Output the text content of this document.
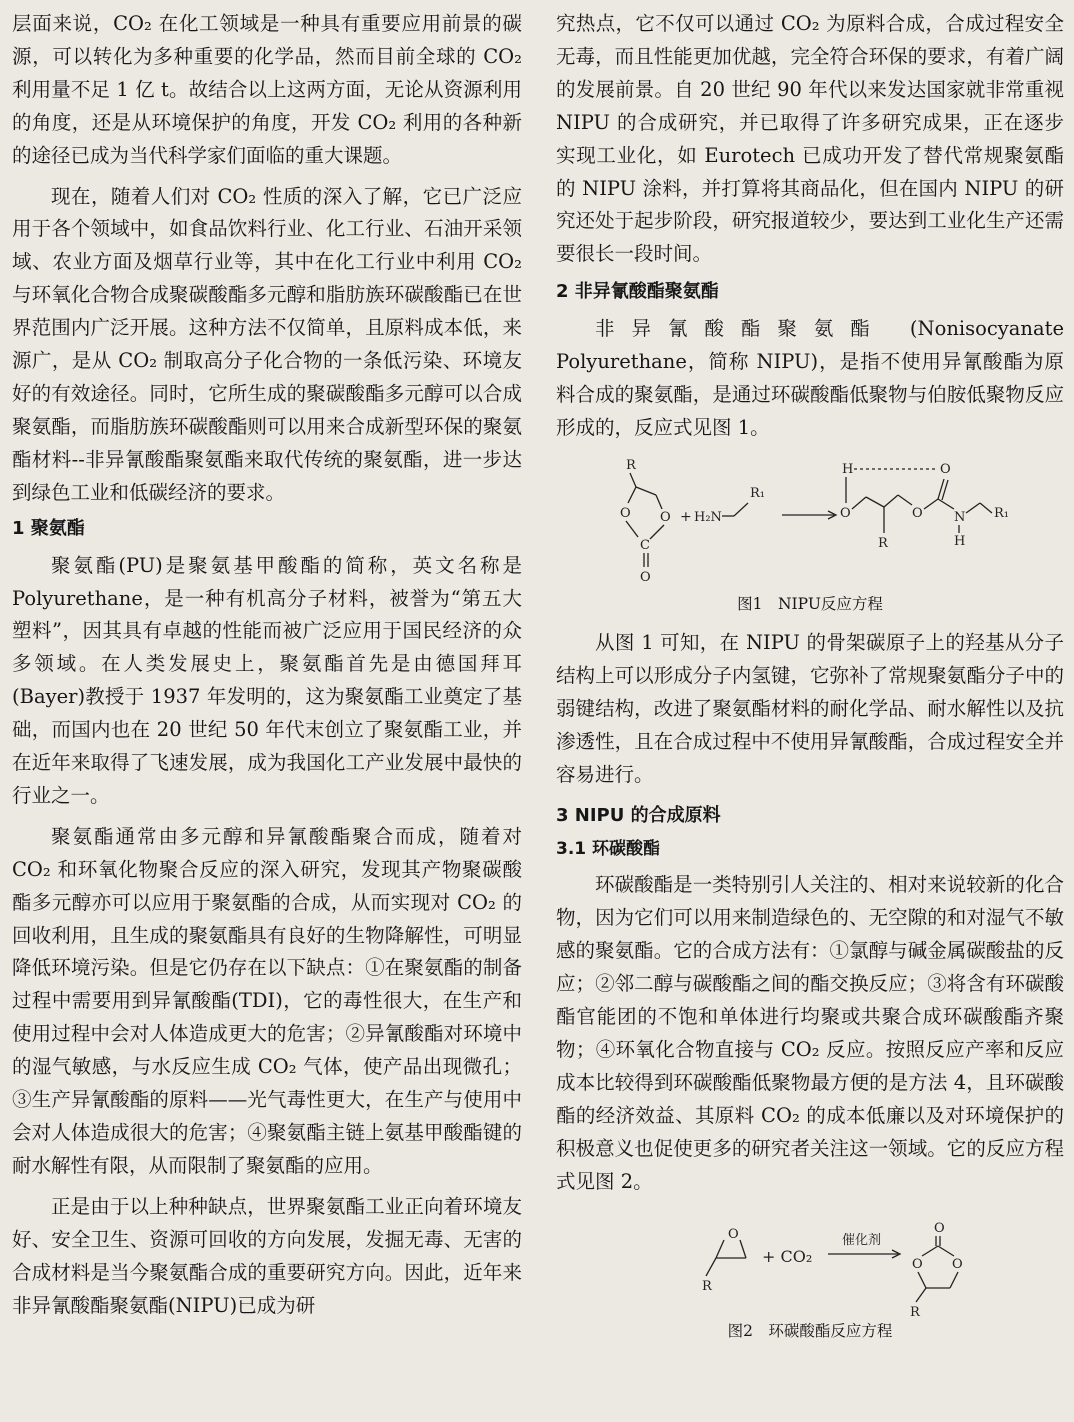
层面来说，CO₂ 在化工领域是一种具有重要应用前景的碳源，可以转化为多种重要的化学品，然而目前全球的 CO₂ 利用量不足 1 亿 t。故结合以上这两方面，无论从资源利用的角度，还是从环境保护的角度，开发 CO₂ 利用的各种新的途径已成为当代科学家们面临的重大课题。

现在，随着人们对 CO₂ 性质的深入了解，它已广泛应用于各个领域中，如食品饮料行业、化工行业、石油开采领域、农业方面及烟草行业等，其中在化工行业中利用 CO₂ 与环氧化合物合成聚碳酸酯多元醇和脂肪族环碳酸酯已在世界范围内广泛开展。这种方法不仅简单，且原料成本低，来源广，是从 CO₂ 制取高分子化合物的一条低污染、环境友好的有效途径。同时，它所生成的聚碳酸酯多元醇可以合成聚氨酯，而脂肪族环碳酸酯则可以用来合成新型环保的聚氨酯材料--非异氰酸酯聚氨酯来取代传统的聚氨酯，进一步达到绿色工业和低碳经济的要求。

1 聚氨酯

聚氨酯(PU)是聚氨基甲酸酯的简称，英文名称是 Polyurethane，是一种有机高分子材料，被誉为“第五大塑料”，因其具有卓越的性能而被广泛应用于国民经济的众多领域。在人类发展史上，聚氨酯首先是由德国拜耳(Bayer)教授于 1937 年发明的，这为聚氨酯工业奠定了基础，而国内也在 20 世纪 50 年代末创立了聚氨酯工业，并在近年来取得了飞速发展，成为我国化工产业发展中最快的行业之一。

聚氨酯通常由多元醇和异氰酸酯聚合而成，随着对 CO₂ 和环氧化物聚合反应的深入研究，发现其产物聚碳酸酯多元醇亦可以应用于聚氨酯的合成，从而实现对 CO₂ 的回收利用，且生成的聚氨酯具有良好的生物降解性，可明显降低环境污染。但是它仍存在以下缺点：①在聚氨酯的制备过程中需要用到异氰酸酯(TDI)，它的毒性很大，在生产和使用过程中会对人体造成更大的危害；②异氰酸酯对环境中的湿气敏感，与水反应生成 CO₂ 气体，使产品出现微孔；③生产异氰酸酯的原料——光气毒性更大，在生产与使用中会对人体造成很大的危害；④聚氨酯主链上氨基甲酸酯键的耐水解性有限，从而限制了聚氨酯的应用。

正是由于以上种种缺点，世界聚氨酯工业正向着环境友好、安全卫生、资源可回收的方向发展，发掘无毒、无害的合成材料是当今聚氨酯合成的重要研究方向。因此，近年来非异氰酸酯聚氨酯(NIPU)已成为研

究热点，它不仅可以通过 CO₂ 为原料合成，合成过程安全无毒，而且性能更加优越，完全符合环保的要求，有着广阔的发展前景。自 20 世纪 90 年代以来发达国家就非常重视 NIPU 的合成研究，并已取得了许多研究成果，正在逐步实现工业化，如 Eurotech 已成功开发了替代常规聚氨酯的 NIPU 涂料，并打算将其商品化，但在国内 NIPU 的研究还处于起步阶段，研究报道较少，要达到工业化生产还需要很长一段时间。

2 非异氰酸酯聚氨酯

非异氰酸酯聚氨酯 (Nonisocyanate Polyurethane，简称 NIPU)，是指不使用异氰酸酯为原料合成的聚氨酯，是通过环碳酸酯低聚物与伯胺低聚物反应形成的，反应式见图 1。

R
O O
C
O
+ H₂N
R₁
H	O
O
R
O N
H
R₁
图1　NIPU反应方程

从图 1 可知，在 NIPU 的骨架碳原子上的羟基从分子结构上可以形成分子内氢键，它弥补了常规聚氨酯分子中的弱键结构，改进了聚氨酯材料的耐化学品、耐水解性以及抗渗透性，且在合成过程中不使用异氰酸酯，合成过程安全并容易进行。

3 NIPU 的合成原料
3.1 环碳酸酯

环碳酸酯是一类特别引人关注的、相对来说较新的化合物，因为它们可以用来制造绿色的、无空隙的和对湿气不敏感的聚氨酯。它的合成方法有：①氯醇与碱金属碳酸盐的反应；②邻二醇与碳酸酯之间的酯交换反应；③将含有环碳酸酯官能团的不饱和单体进行均聚或共聚合成环碳酸酯齐聚物；④环氧化合物直接与 CO₂ 反应。按照反应产率和反应成本比较得到环碳酸酯低聚物最方便的是方法 4，且环碳酸酯的经济效益、其原料 CO₂ 的成本低廉以及对环境保护的积极意义也促使更多的研究者关注这一领域。它的反应方程式见图 2。

O
R
+ CO₂
催化剂
O
O O
R
图2　环碳酸酯反应方程
